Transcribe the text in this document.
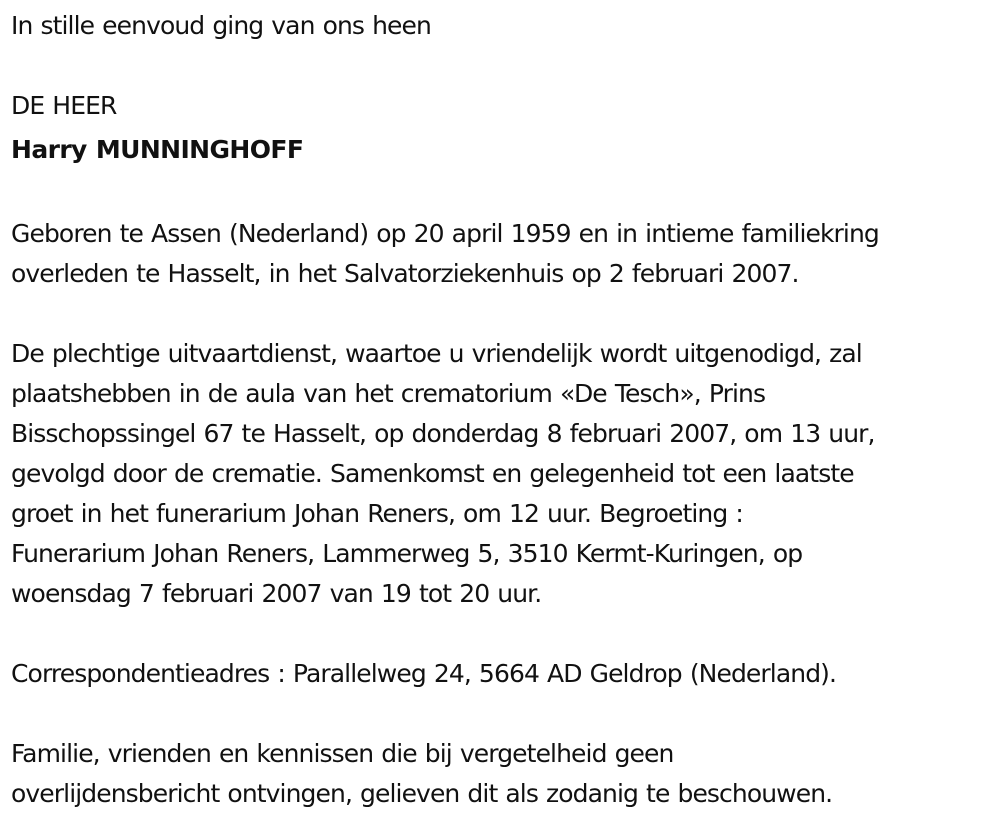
In stille eenvoud ging van ons heen

DE HEER

Harry MUNNINGHOFF

Geboren te Assen (Nederland) op 20 april 1959 en in intieme familiekring

overleden te Hasselt, in het Salvatorziekenhuis op 2 februari 2007.

De plechtige uitvaartdienst, waartoe u vriendelijk wordt uitgenodigd, zal

plaatshebben in de aula van het crematorium «De Tesch», Prins

Bisschopssingel 67 te Hasselt, op donderdag 8 februari 2007, om 13 uur,

gevolgd door de crematie. Samenkomst en gelegenheid tot een laatste

groet in het funerarium Johan Reners, om 12 uur. Begroeting :

Funerarium Johan Reners, Lammerweg 5, 3510 Kermt-Kuringen, op

woensdag 7 februari 2007 van 19 tot 20 uur.

Correspondentieadres : Parallelweg 24, 5664 AD Geldrop (Nederland).

Familie, vrienden en kennissen die bij vergetelheid geen

overlijdensbericht ontvingen, gelieven dit als zodanig te beschouwen.
